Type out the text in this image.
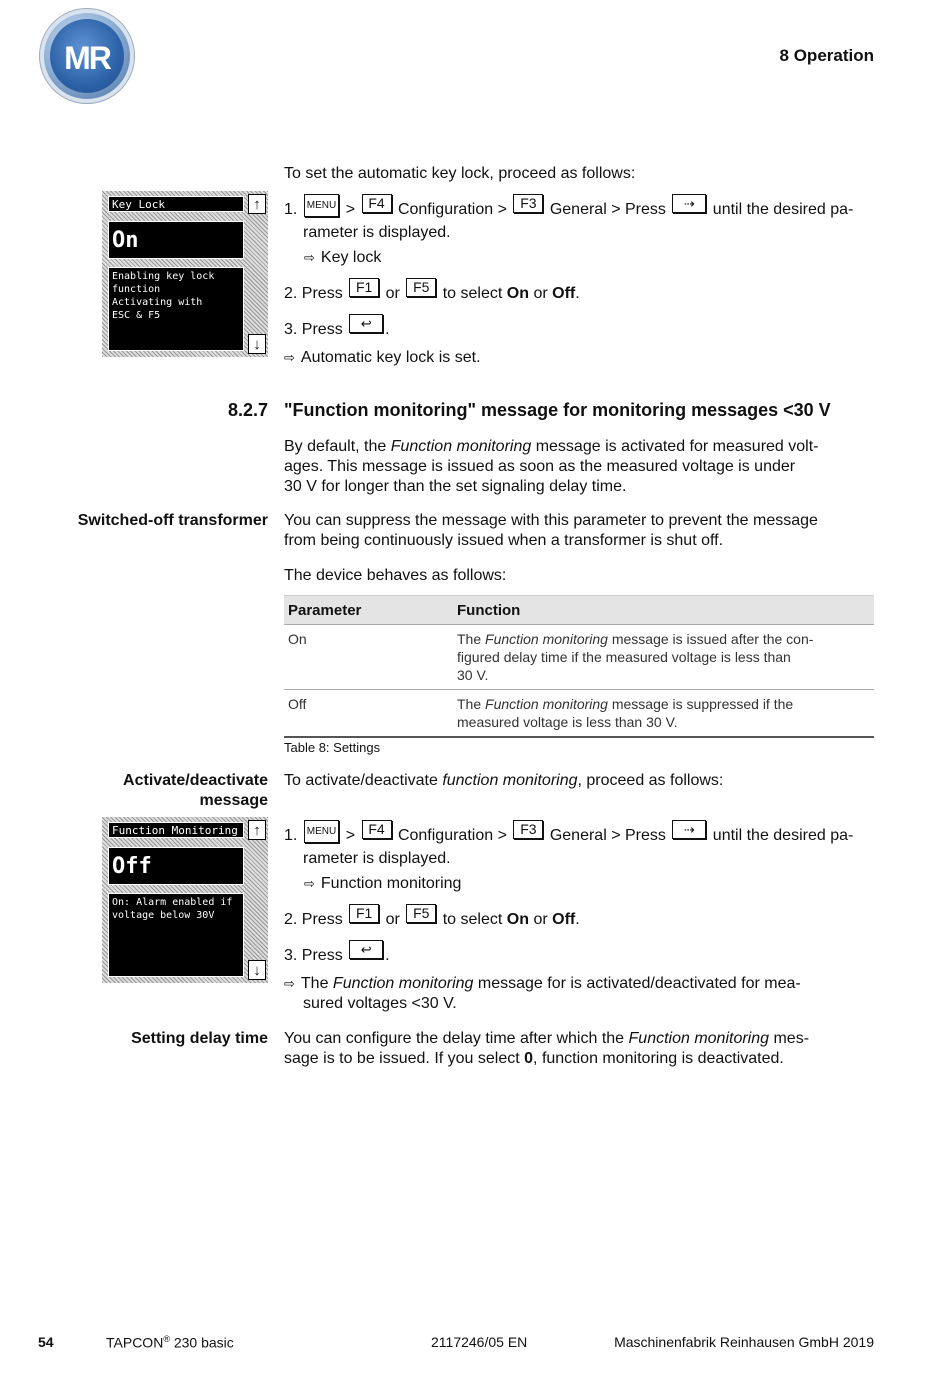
MR	8 Operation
To set the automatic key lock, proceed as follows:
Key Lock	↑
On
Enabling key lock
function
Activating with
ESC & F5
↓
1. MENU > F4 Configuration > F3 General > Press ⇢ until the desired pa-
rameter is displayed.
⇨ Key lock
2. Press F1 or F5 to select On or Off.
3. Press ↩ .
⇨ Automatic key lock is set.
8.2.7 "Function monitoring" message for monitoring messages <30 V
By default, the Function monitoring message is activated for measured volt-
ages. This message is issued as soon as the measured voltage is under
30 V for longer than the set signaling delay time.
Switched-off transformer You can suppress the message with this parameter to prevent the message
from being continuously issued when a transformer is shut off.
The device behaves as follows:
Parameter	Function
On	The Function monitoring message is issued after the con-
figured delay time if the measured voltage is less than
30 V.
Off	The Function monitoring message is suppressed if the
measured voltage is less than 30 V.
Table 8: Settings
Activate/deactivate
message
To activate/deactivate function monitoring, proceed as follows:
Function Monitoring	↑
Off
On: Alarm enabled if
voltage below 30V
↓
1. MENU > F4 Configuration > F3 General > Press ⇢ until the desired pa-
rameter is displayed.
⇨ Function monitoring
2. Press F1 or F5 to select On or Off.
3. Press ↩ .
⇨ The Function monitoring message for is activated/deactivated for mea-
sured voltages <30 V.
Setting delay time You can configure the delay time after which the Function monitoring mes-
sage is to be issued. If you select 0, function monitoring is deactivated.
54	TAPCON® 230 basic	2117246/05 EN	Maschinenfabrik Reinhausen GmbH 2019
